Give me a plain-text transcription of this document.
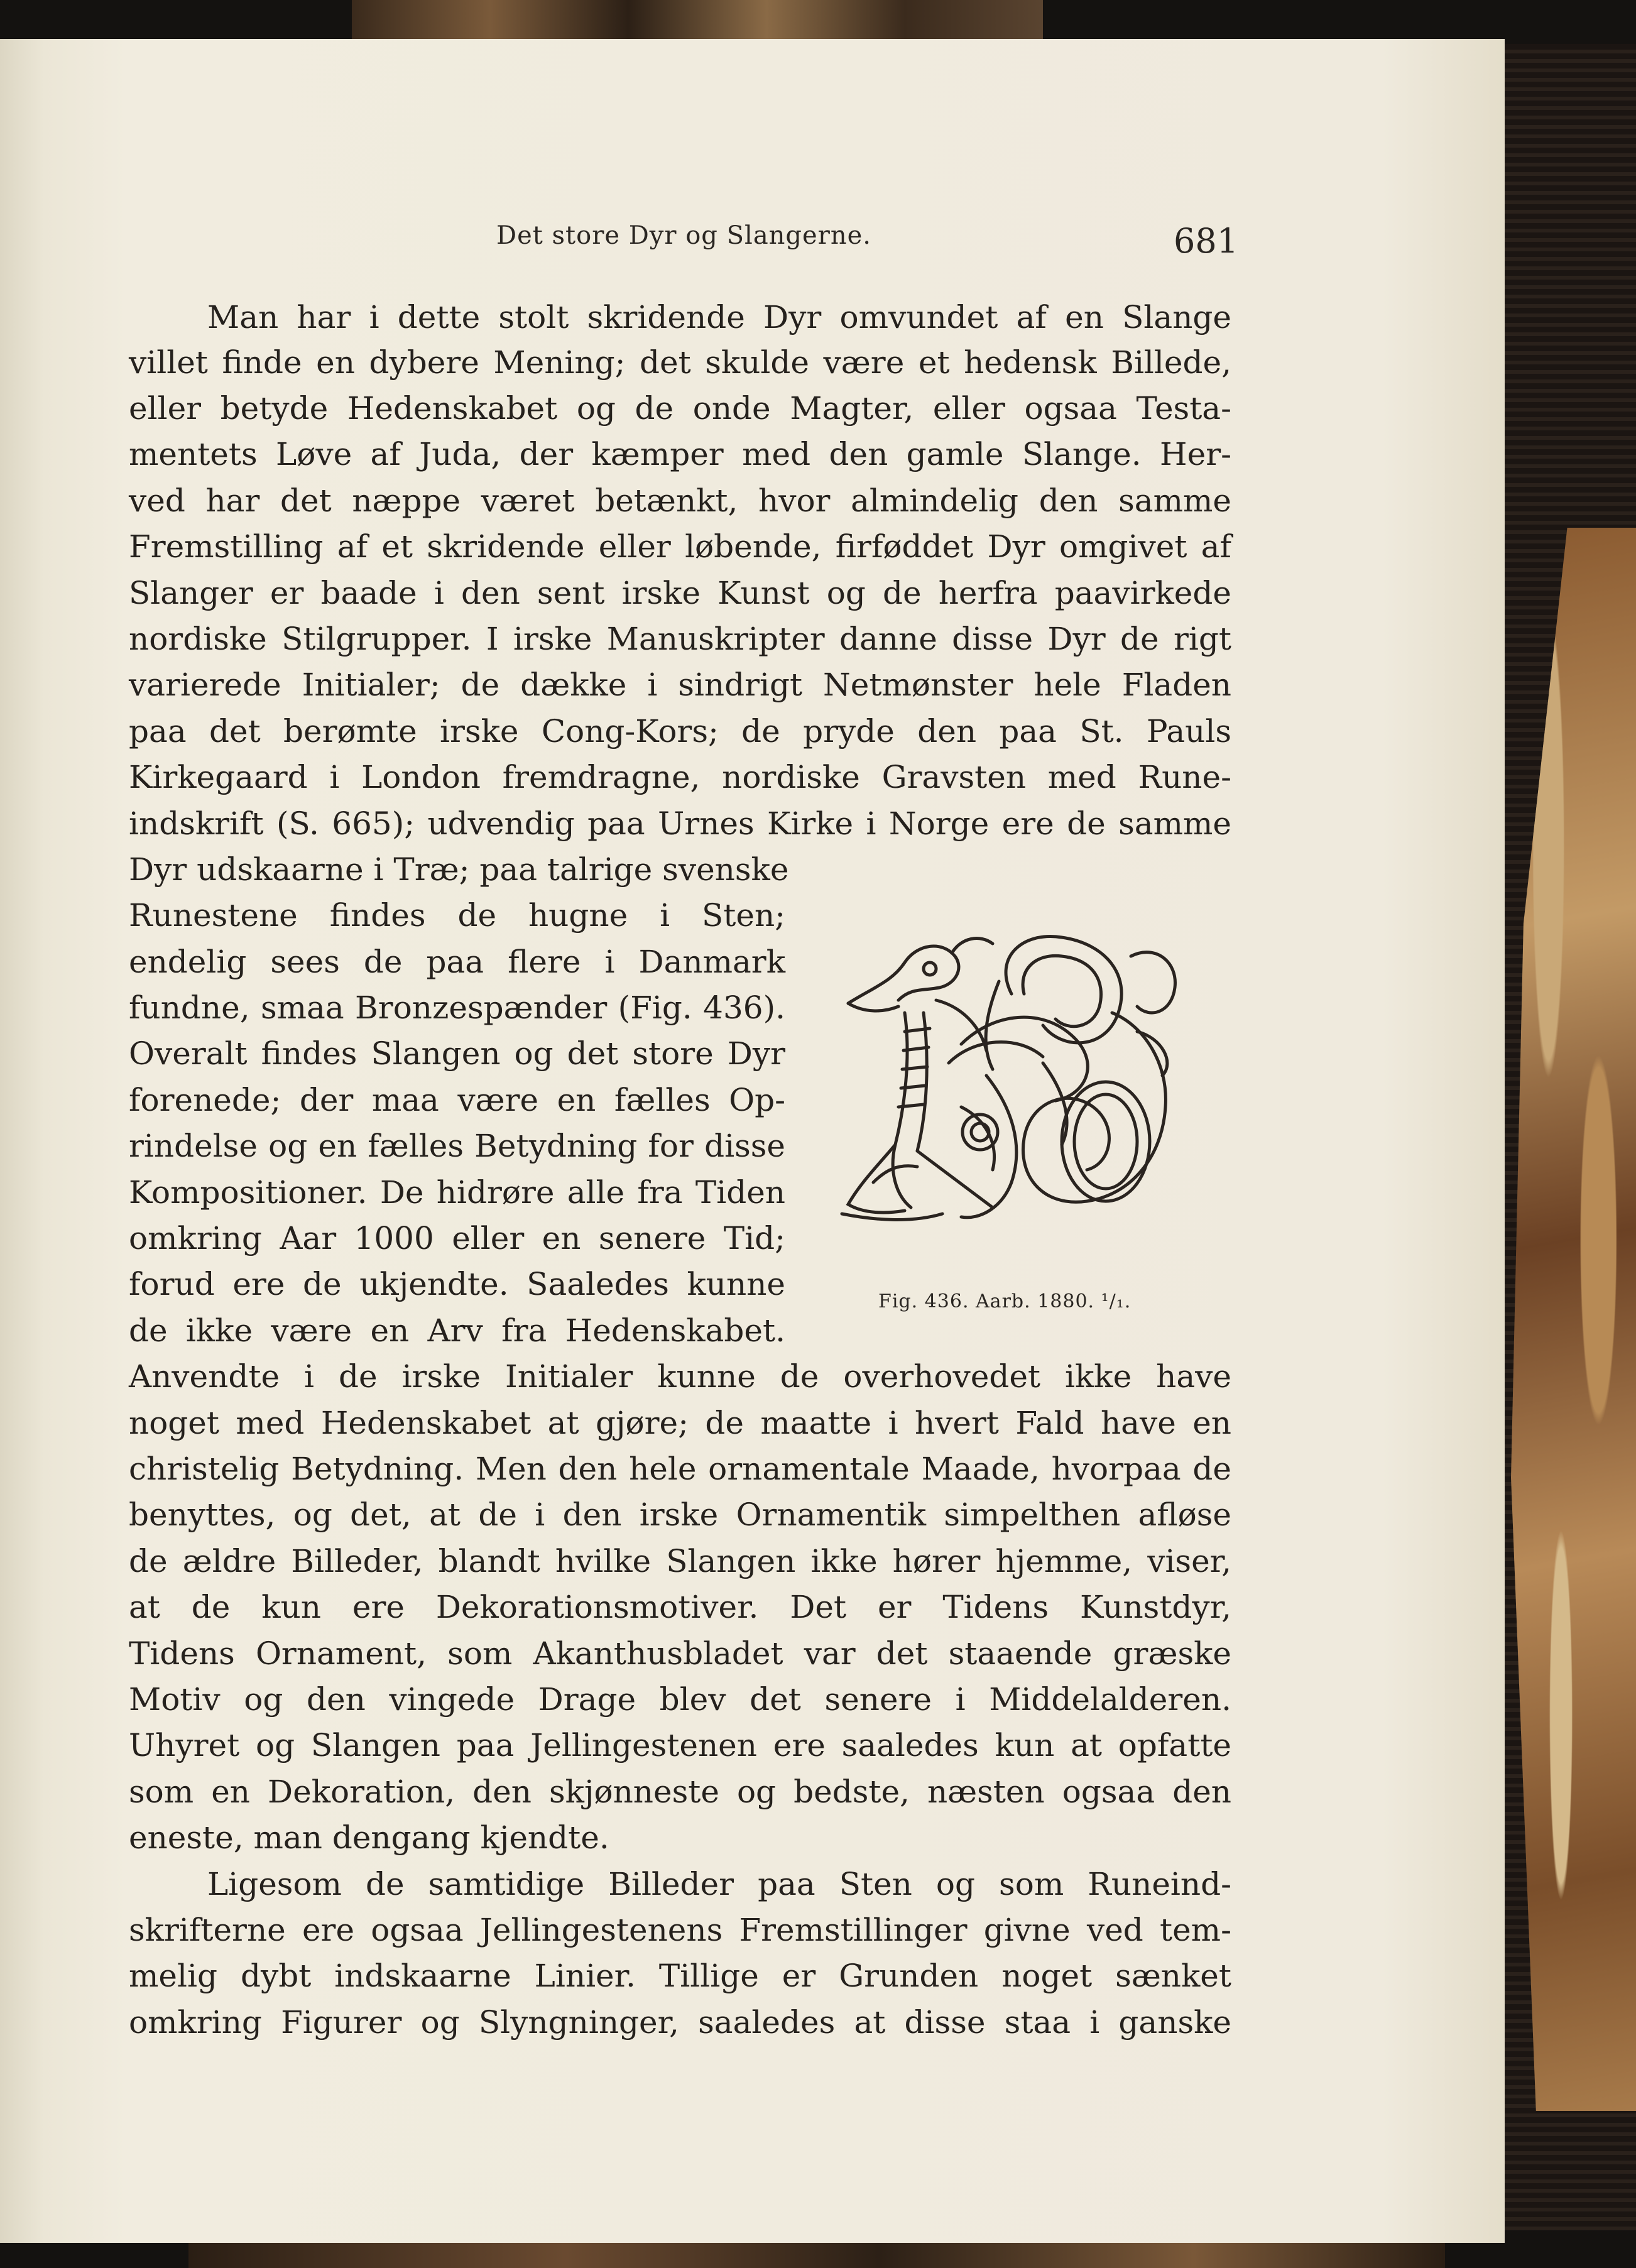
Det store Dyr og Slangerne.	681
Man har i dette stolt skridende Dyr omvundet af en Slange
villet finde en dybere Mening; det skulde være et hedensk Billede,
eller betyde Hedenskabet og de onde Magter, eller ogsaa Testa-
mentets Løve af Juda, der kæmper med den gamle Slange. Her-
ved har det næppe været betænkt, hvor almindelig den samme
Fremstilling af et skridende eller løbende, firføddet Dyr omgivet af
Slanger er baade i den sent irske Kunst og de herfra paavirkede
nordiske Stilgrupper. I irske Manuskripter danne disse Dyr de rigt
varierede Initialer; de dække i sindrigt Netmønster hele Fladen
paa det berømte irske Cong-Kors; de pryde den paa St. Pauls
Kirkegaard i London fremdragne, nordiske Gravsten med Rune-
indskrift (S. 665); udvendig paa Urnes Kirke i Norge ere de samme
Dyr udskaarne i Træ; paa talrige svenske
Runestene findes de hugne i Sten;
endelig sees de paa flere i Danmark
fundne, smaa Bronzespænder (Fig. 436).
Overalt findes Slangen og det store Dyr
forenede; der maa være en fælles Op-
rindelse og en fælles Betydning for disse
Kompositioner. De hidrøre alle fra Tiden
omkring Aar 1000 eller en senere Tid;
forud ere de ukjendte. Saaledes kunne
de ikke være en Arv fra Hedenskabet.
Anvendte i de irske Initialer kunne de overhovedet ikke have
noget med Hedenskabet at gjøre; de maatte i hvert Fald have en
christelig Betydning. Men den hele ornamentale Maade, hvorpaa de
benyttes, og det, at de i den irske Ornamentik simpelthen afløse
de ældre Billeder, blandt hvilke Slangen ikke hører hjemme, viser,
at de kun ere Dekorationsmotiver. Det er Tidens Kunstdyr,
Tidens Ornament, som Akanthusbladet var det staaende græske
Motiv og den vingede Drage blev det senere i Middelalderen.
Uhyret og Slangen paa Jellingestenen ere saaledes kun at opfatte
som en Dekoration, den skjønneste og bedste, næsten ogsaa den
eneste, man dengang kjendte.
Ligesom de samtidige Billeder paa Sten og som Runeind-
skrifterne ere ogsaa Jellingestenens Fremstillinger givne ved tem-
melig dybt indskaarne Linier. Tillige er Grunden noget sænket
omkring Figurer og Slyngninger, saaledes at disse staa i ganske
Fig. 436. Aarb. 1880. ¹/₁.
